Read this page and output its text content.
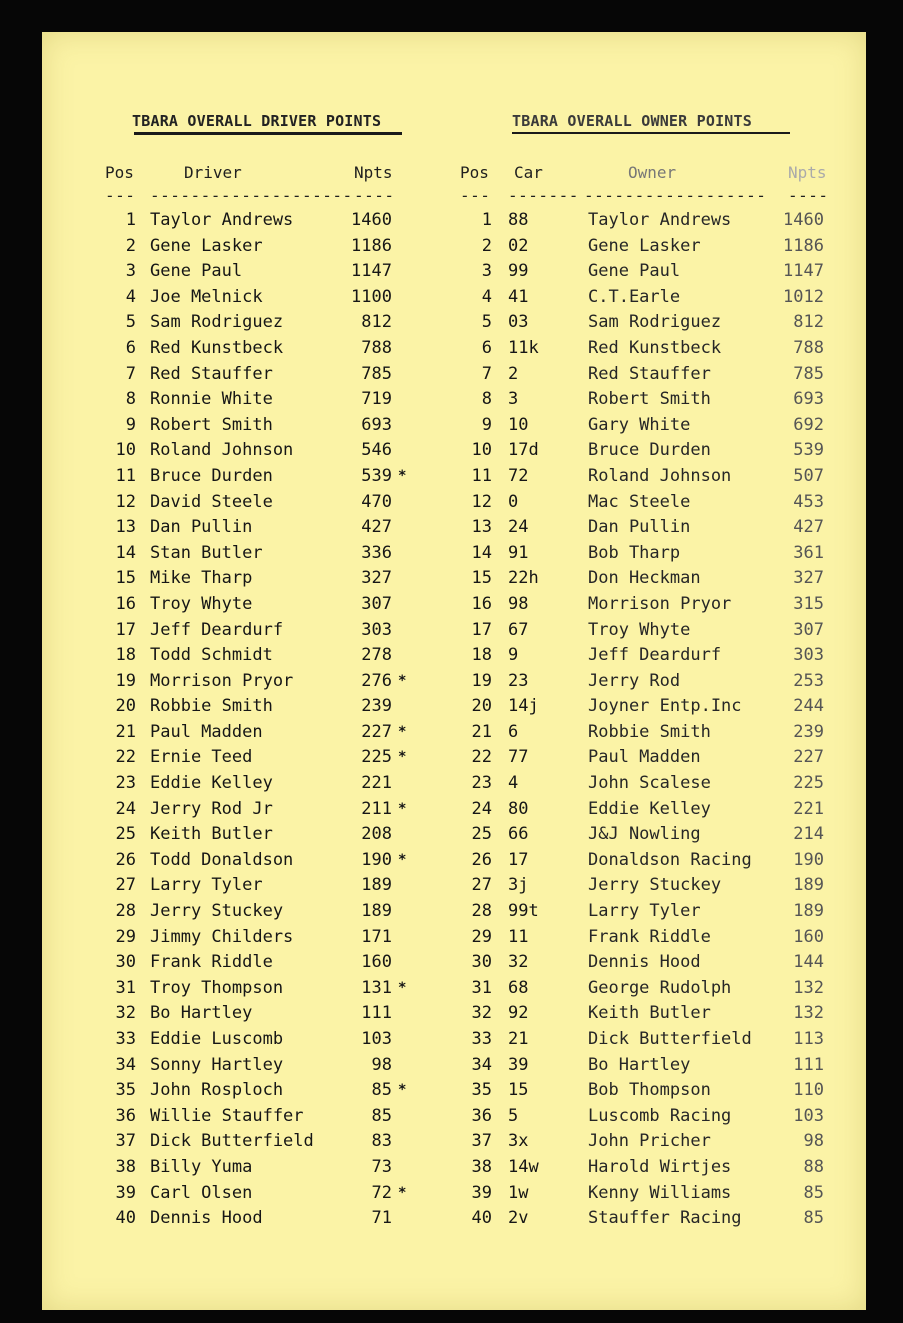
TBARA OVERALL DRIVER POINTS	TBARA OVERALL OWNER POINTS
Pos	Driver	Npts	Pos Car	Owner	Npts
--- -------------------- ----	--- ------- ------------------ ----
1 Taylor Andrews	1460	1 88	Taylor Andrews	1460
2 Gene Lasker	1186	2 02	Gene Lasker	1186
3 Gene Paul	1147	3 99	Gene Paul	1147
4 Joe Melnick	1100	4 41	C.T.Earle	1012
5 Sam Rodriguez	812	5 03	Sam Rodriguez	812
6 Red Kunstbeck	788	6 11k	Red Kunstbeck	788
7 Red Stauffer	785	7 2	Red Stauffer	785
8 Ronnie White	719	8 3	Robert Smith	693
9 Robert Smith	693	9 10	Gary White	692
10 Roland Johnson	546	10 17d	Bruce Durden	539
11 Bruce Durden	539 *	11 72	Roland Johnson	507
12 David Steele	470	12 0	Mac Steele	453
13 Dan Pullin	427	13 24	Dan Pullin	427
14 Stan Butler	336	14 91	Bob Tharp	361
15 Mike Tharp	327	15 22h	Don Heckman	327
16 Troy Whyte	307	16 98	Morrison Pryor	315
17 Jeff Deardurf	303	17 67	Troy Whyte	307
18 Todd Schmidt	278	18 9	Jeff Deardurf	303
19 Morrison Pryor	276 *	19 23	Jerry Rod	253
20 Robbie Smith	239	20 14j	Joyner Entp.Inc	244
21 Paul Madden	227 *	21 6	Robbie Smith	239
22 Ernie Teed	225 *	22 77	Paul Madden	227
23 Eddie Kelley	221	23 4	John Scalese	225
24 Jerry Rod Jr	211 *	24 80	Eddie Kelley	221
25 Keith Butler	208	25 66	J&J Nowling	214
26 Todd Donaldson	190 *	26 17	Donaldson Racing	190
27 Larry Tyler	189	27 3j	Jerry Stuckey	189
28 Jerry Stuckey	189	28 99t	Larry Tyler	189
29 Jimmy Childers	171	29 11	Frank Riddle	160
30 Frank Riddle	160	30 32	Dennis Hood	144
31 Troy Thompson	131 *	31 68	George Rudolph	132
32 Bo Hartley	111	32 92	Keith Butler	132
33 Eddie Luscomb	103	33 21	Dick Butterfield	113
34 Sonny Hartley	98	34 39	Bo Hartley	111
35 John Rosploch	85 *	35 15	Bob Thompson	110
36 Willie Stauffer	85	36 5	Luscomb Racing	103
37 Dick Butterfield	83	37 3x	John Pricher	98
38 Billy Yuma	73	38 14w	Harold Wirtjes	88
39 Carl Olsen	72 *	39 1w	Kenny Williams	85
40 Dennis Hood	71	40 2v	Stauffer Racing	85
